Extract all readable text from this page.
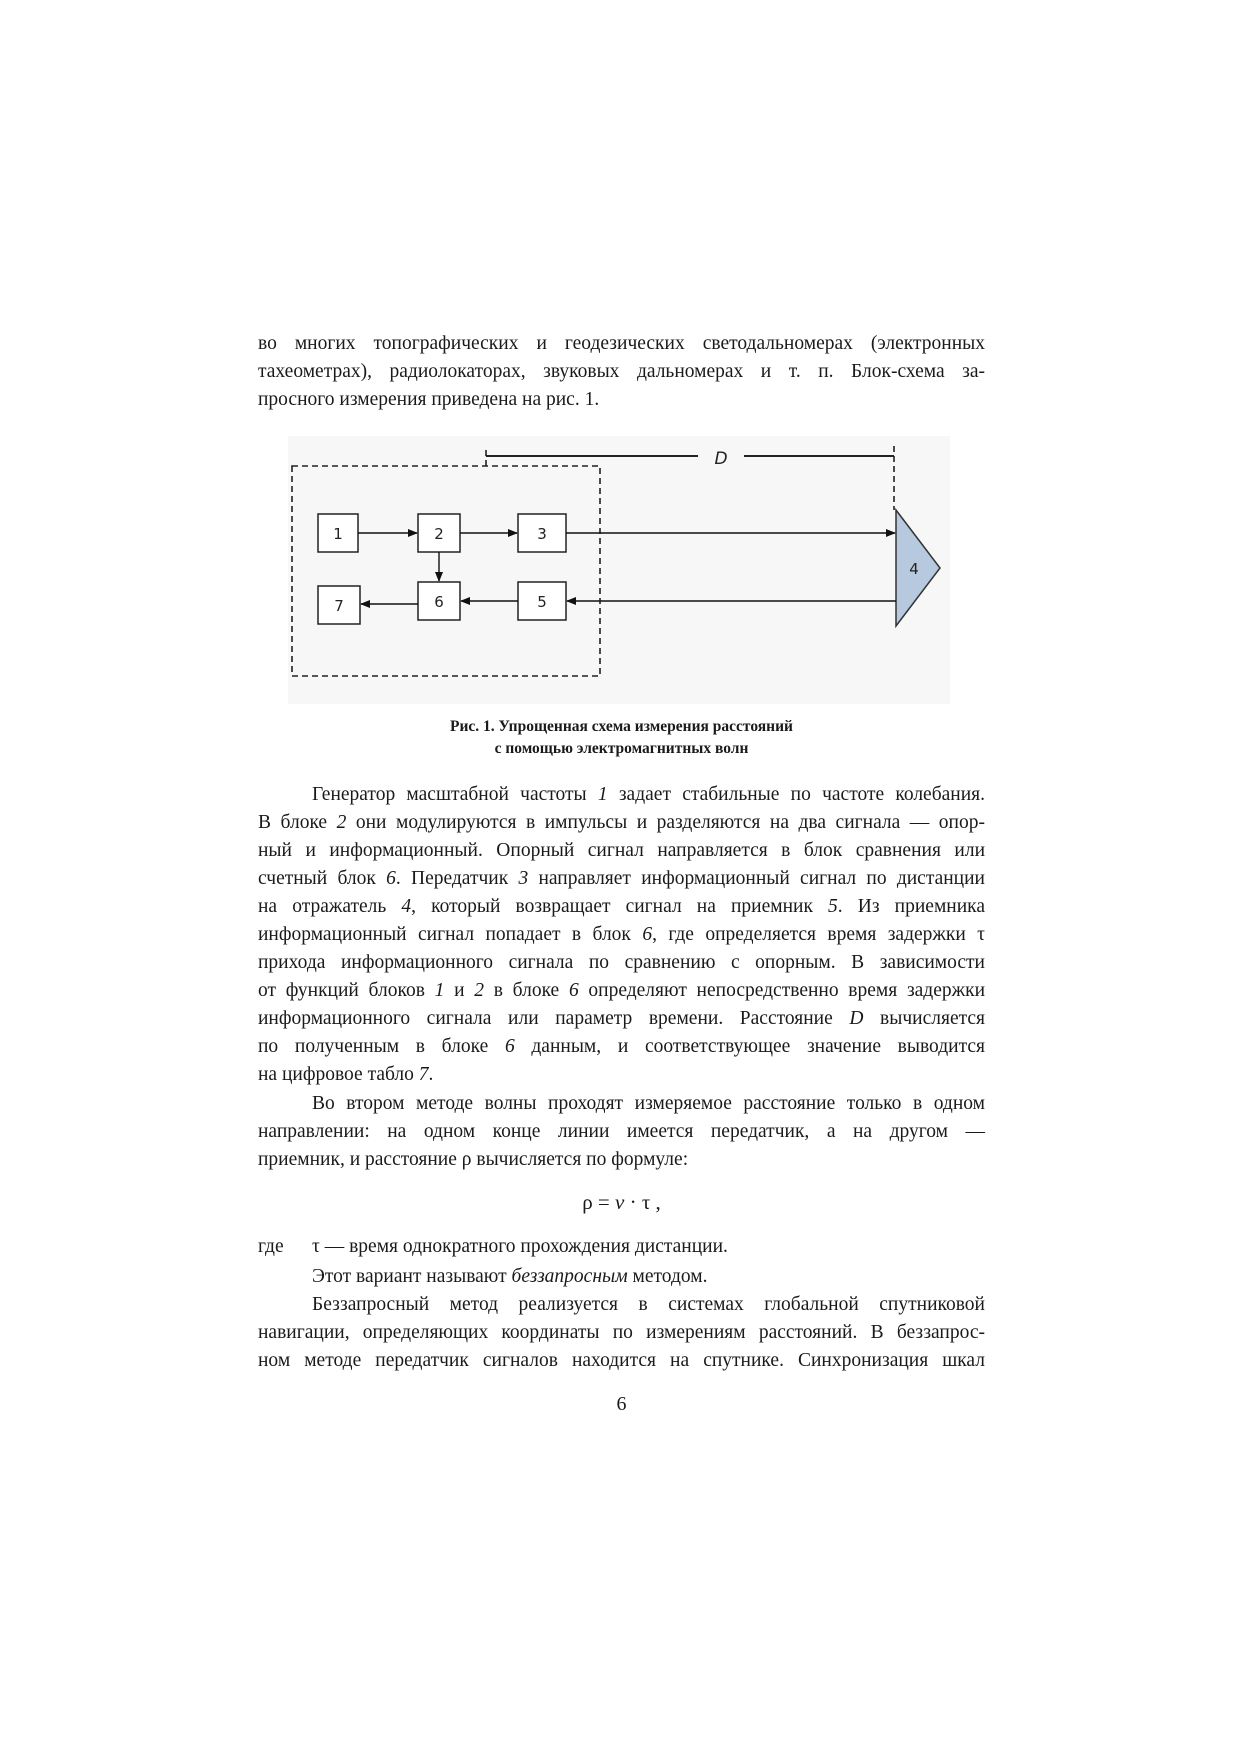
во многих топографических и геодезических светодальномерах (электронных

тахеометрах), радиолокаторах, звуковых дальномерах и т. п. Блок-схема за-

просного измерения приведена на рис. 1.

D
1	2	3
4
5
6
7
Рис. 1. Упрощенная схема измерения расстояний
с помощью электромагнитных волн

Генератор масштабной частоты 1 задает стабильные по частоте колебания.

В блоке 2 они модулируются в импульсы и разделяются на два сигнала — опор-

ный и информационный. Опорный сигнал направляется в блок сравнения или

счетный блок 6. Передатчик 3 направляет информационный сигнал по дистанции

на отражатель 4, который возвращает сигнал на приемник 5. Из приемника

информационный сигнал попадает в блок 6, где определяется время задержки τ

прихода информационного сигнала по сравнению с опорным. В зависимости

от функций блоков 1 и 2 в блоке 6 определяют непосредственно время задержки

информационного сигнала или параметр времени. Расстояние D вычисляется

по полученным в блоке 6 данным, и соответствующее значение выводится

на цифровое табло 7.

Во втором методе волны проходят измеряемое расстояние только в одном

направлении: на одном конце линии имеется передатчик, а на другом —

приемник, и расстояние ρ вычисляется по формуле:

ρ = v · τ ,
где τ — время однократного прохождения дистанции.

Этот вариант называют беззапросным методом.

Беззапросный метод реализуется в системах глобальной спутниковой

навигации, определяющих координаты по измерениям расстояний. В беззапрос-

ном методе передатчик сигналов находится на спутнике. Синхронизация шкал

6
